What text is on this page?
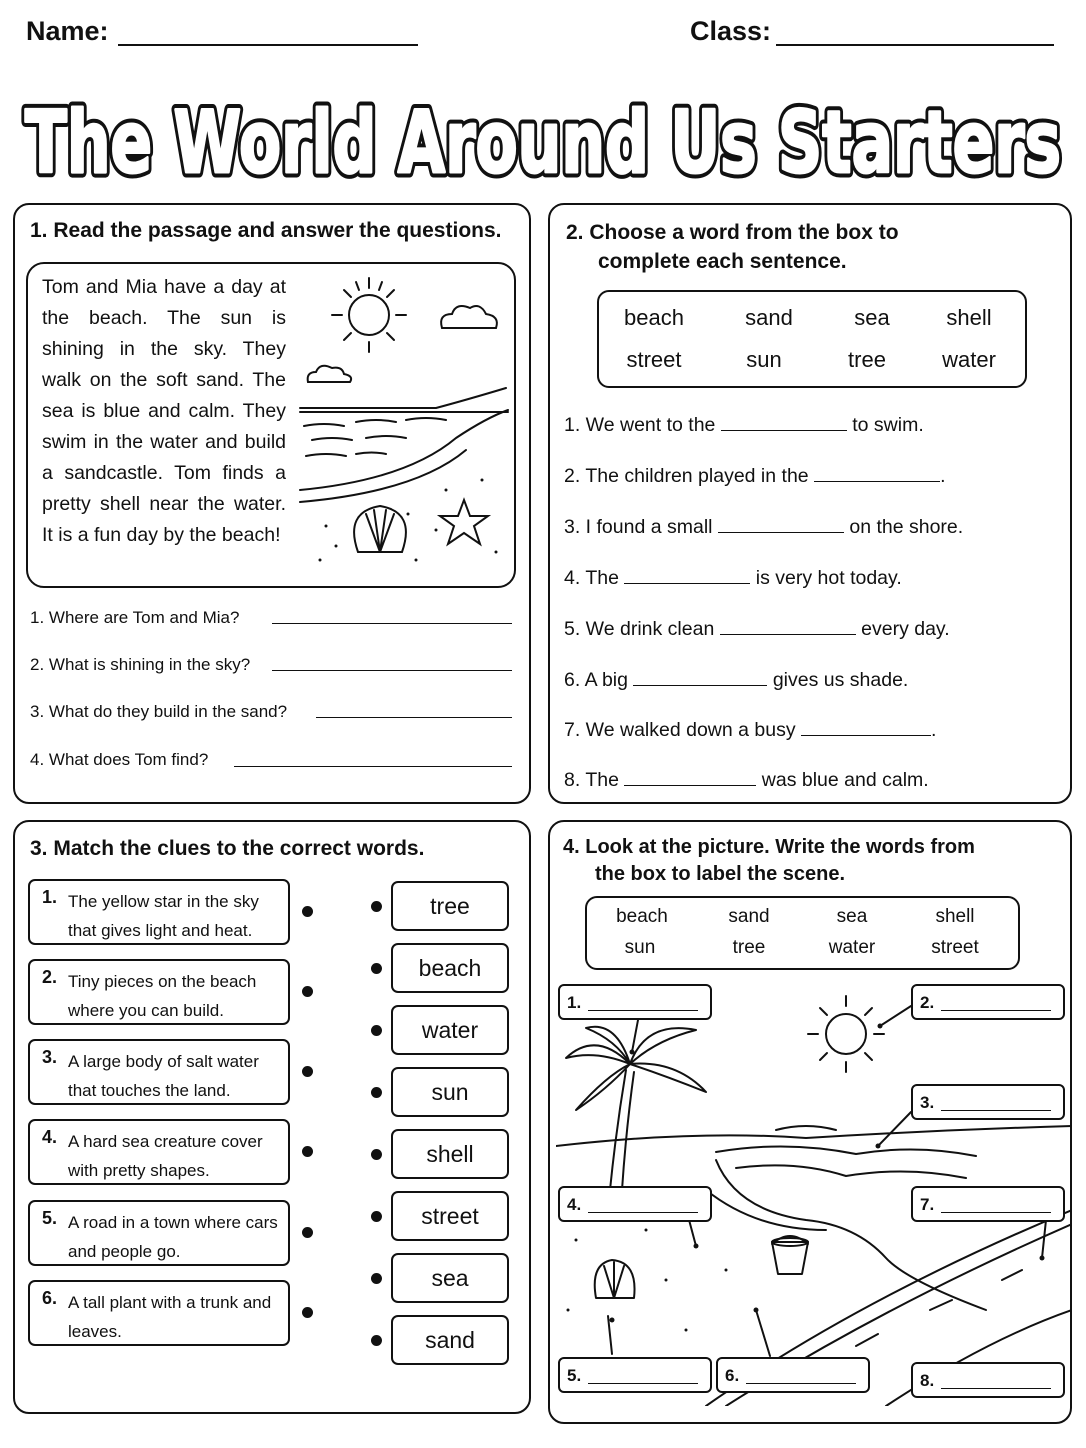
Name:	Class:
The World Around Us Starters
The World Around Us Starters
1. Read the passage and answer the questions.
Tom and Mia have a day at the beach. The sun is shining in the sky. They walk on the soft sand. The sea is blue and calm. They swim in the water and build a sandcastle. Tom finds a pretty shell near the water. It is a fun day by the beach!
1. Where are Tom and Mia?
2. What is shining in the sky?
3. What do they build in the sand?
4. What does Tom find?
2. Choose a word from the box to
complete each sentence.
beach	sand	sea	shell
street	sun	tree	water
1. We went to the	to swim.
2. The children played in the	.
3. I found a small	on the shore.
4. The	is very hot today.
5. We drink clean	every day.
6. A big	gives us shade.
7. We walked down a busy	.
8. The	was blue and calm.
3. Match the clues to the correct words.
1. The yellow star in the sky that gives light and heat.
2. Tiny pieces on the beach where you can build.
3. A large body of salt water that touches the land.
4. A hard sea creature cover with pretty shapes.
5. A road in a town where cars and people go.
6. A tall plant with a trunk and leaves.
tree
beach
water
sun
shell
street
sea
sand
4. Look at the picture. Write the words from
the box to label the scene.
beach	sand	sea	shell
sun	tree	water	street
1.	2.
3.
4.
5.	6.
7.
8.
